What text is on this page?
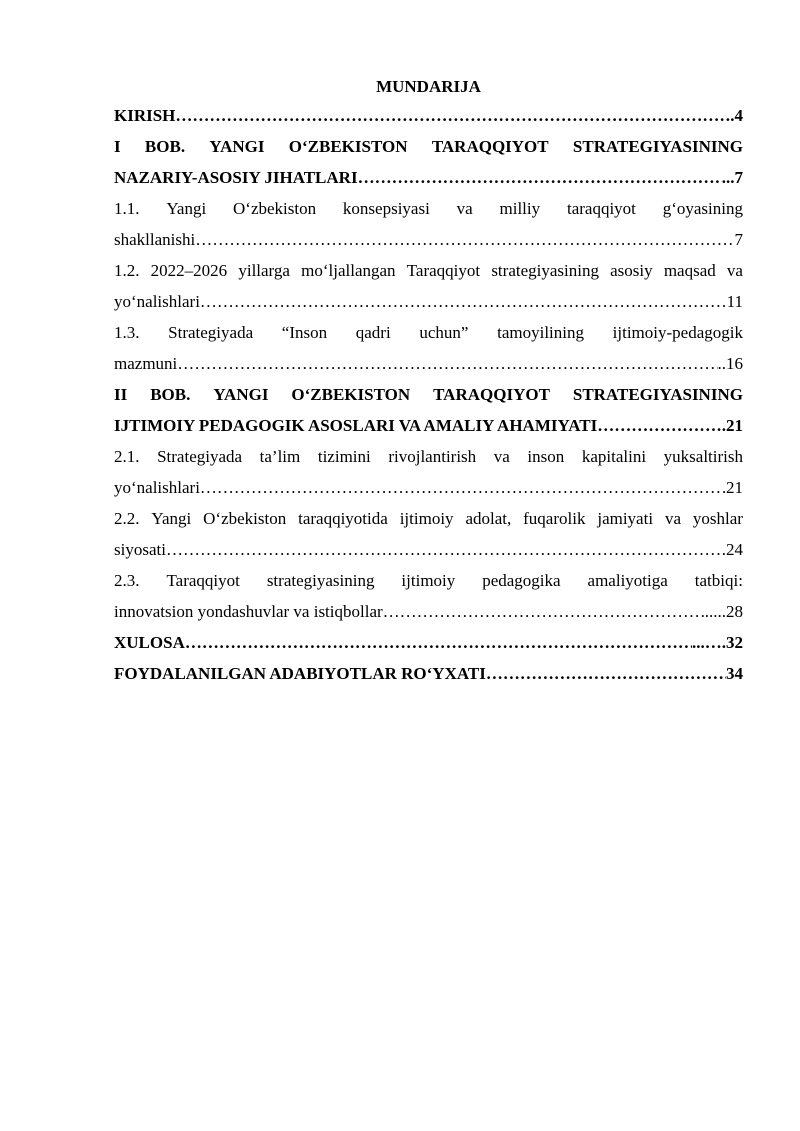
MUNDARIJA
KIRISH ……………………………………………………………………………………………………………………………………………………………………	.4
I BOB. YANGI O‘ZBEKISTON TARAQQIYOT STRATEGIYASINING
NAZARIY-ASOSIY JIHATLARI ……………………………………………………………………………………………………………………………………………………………………	...7
1.1. Yangi O‘zbekiston konsepsiyasi va milliy taraqqiyot g‘oyasining
shakllanishi ……………………………………………………………………………………………………………………………………………………………………	7
1.2. 2022–2026 yillarga mo‘ljallangan Taraqqiyot strategiyasining asosiy maqsad va
yo‘nalishlari ……………………………………………………………………………………………………………………………………………………………………	11
1.3. Strategiyada “Inson qadri uchun” tamoyilining ijtimoiy-pedagogik
mazmuni ……………………………………………………………………………………………………………………………………………………………………	..16
II BOB. YANGI O‘ZBEKISTON TARAQQIYOT STRATEGIYASINING
IJTIMOIY PEDAGOGIK ASOSLARI VA AMALIY AHAMIYATI ……………………………………………………………………………………………………………………………………………………………………	.21
2.1. Strategiyada ta’lim tizimini rivojlantirish va inson kapitalini yuksaltirish
yo‘nalishlari ……………………………………………………………………………………………………………………………………………………………………	21
2.2. Yangi O‘zbekiston taraqqiyotida ijtimoiy adolat, fuqarolik jamiyati va yoshlar
siyosati ……………………………………………………………………………………………………………………………………………………………………	.24
2.3. Taraqqiyot strategiyasining ijtimoiy pedagogika amaliyotiga tatbiqi:
innovatsion yondashuvlar va istiqbollar ……………………………………………………………………………………………………………………………………………………………………	.....28
XULOSA ……………………………………………………………………………………………………………………………………………………………………	...….32
FOYDALANILGAN ADABIYOTLAR RO‘YXATI ……………………………………………………………………………………………………………………………………………………………………	34
